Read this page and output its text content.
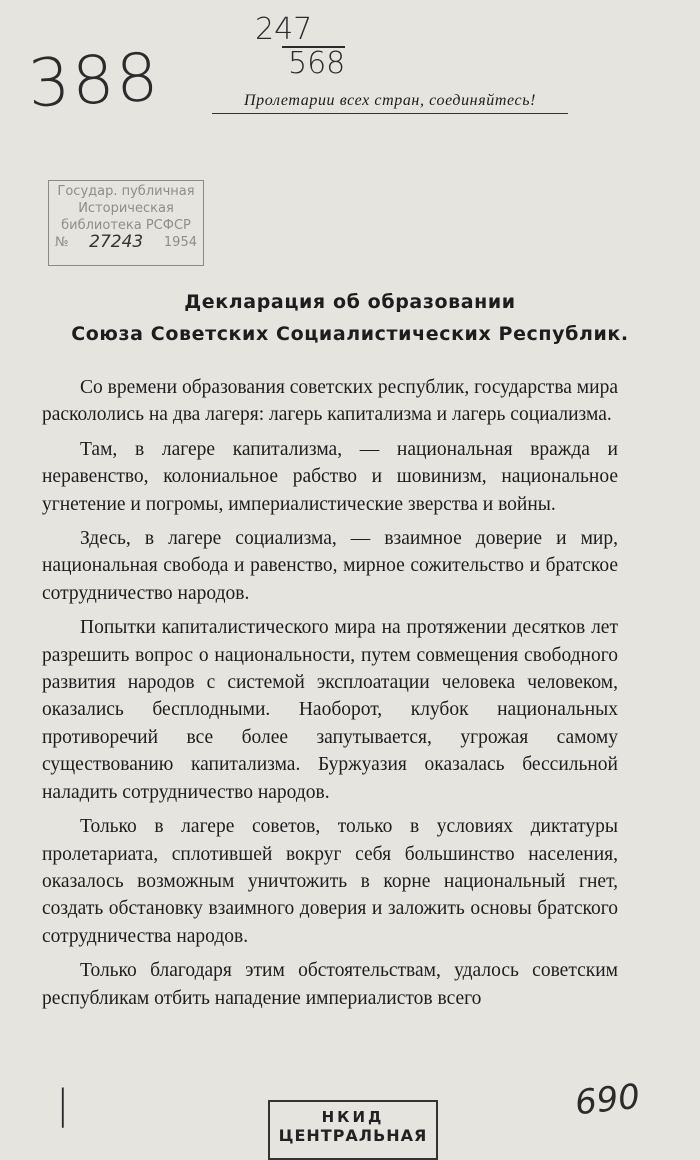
388
247
568
Пролетарии всех стран, соединяйтесь!
Государ. публичная
Историческая
библиотека РСФСР
№ 27243 1954
Декларация об образовании
Союза Советских Социалистических Республик.

Со времени образования советских республик, государства мира раскололись на два лагеря: лагерь капитализма и лагерь социализма.

Там, в лагере капитализма, — национальная вражда и неравенство, колониальное рабство и шовинизм, национальное угнетение и погромы, империалистические зверства и войны.

Здесь, в лагере социализма, — взаимное доверие и мир, национальная свобода и равенство, мирное сожительство и братское сотрудничество народов.

Попытки капиталистического мира на протяжении десятков лет разрешить вопрос о национальности, путем совмещения свободного развития народов с системой эксплоатации человека человеком, оказались бесплодными. Наоборот, клубок национальных противоречий все более запутывается, угрожая самому существованию капитализма. Буржуазия оказалась бессильной наладить сотрудничество народов.

Только в лагере советов, только в условиях диктатуры пролетариата, сплотившей вокруг себя большинство населения, оказалось возможным уничтожить в корне национальный гнет, создать обстановку взаимного доверия и заложить основы братского сотрудничества народов.

Только благодаря этим обстоятельствам, удалось советским республикам отбить нападение империалистов всего

|	НКИД
ЦЕНТРАЛЬНАЯ
690
